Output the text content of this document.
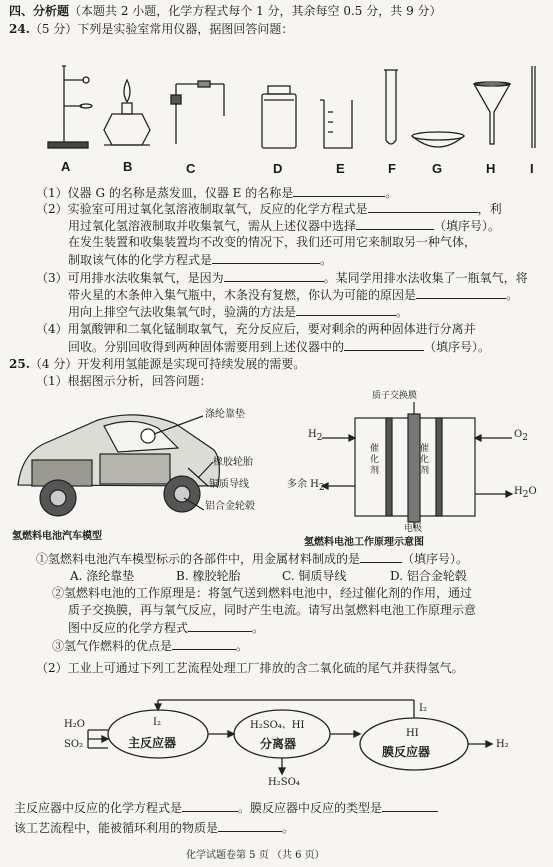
四、分析题（本题共 2 小题，化学方程式每个 1 分，其余每空 0.5 分，共 9 分）
24.（5 分）下列是实验室常用仪器，据图回答问题：
A	B	C	D	E	F	G	H	I
（1）仪器 G 的名称是蒸发皿，仪器 E 的名称是	。
（2）实验室可用过氧化氢溶液制取氧气，反应的化学方程式是	，利
用过氧化氢溶液制取并收集氧气，需从上述仪器中选择	（填序号）。
在发生装置和收集装置均不改变的情况下，我们还可用它来制取另一种气体，
制取该气体的化学方程式是	。
（3）可用排水法收集氧气，是因为	。某同学用排水法收集了一瓶氧气，将
带火星的木条伸入集气瓶中，木条没有复燃，你认为可能的原因是	。
用向上排空气法收集氧气时，验满的方法是	。
（4）用氯酸钾和二氧化锰制取氧气，充分反应后，要对剩余的两种固体进行分离并
回收。分别回收得到两种固体需要用到上述仪器中的	（填序号）。
25.（4 分）开发利用氢能源是实现可持续发展的需要。
（1）根据图示分析，回答问题：
涤纶靠垫
橡胶轮胎
铜质导线
铝合金轮毂
氢燃料电池汽车模型
质子交换膜
$H_2$	$O_2$
多余 $H_2$	$H_2O$
催化剂
催化剂
电极
氢燃料电池工作原理示意图
①氢燃料电池汽车模型标示的各部件中，用金属材料制成的是	（填序号）。
A. 涤纶靠垫	B. 橡胶轮胎	C. 铜质导线	D. 铝合金轮毂
②氢燃料电池的工作原理是：将氢气送到燃料电池中，经过催化剂的作用，通过
质子交换膜，再与氧气反应，同时产生电流。请写出氢燃料电池工作原理示意
图中反应的化学方程式	。
③氢气作燃料的优点是	。
（2）工业上可通过下列工艺流程处理工厂排放的含二氧化硫的尾气并获得氢气。
H₂O
SO₂
I₂
主反应器
H₂SO₄、HI
分离器
H₂SO₄
HI
膜反应器
H₂
I₂
主反应器中反应的化学方程式是	。膜反应器中反应的类型是
该工艺流程中，能被循环利用的物质是	。
化学试题卷第 5 页 （共 6 页）
